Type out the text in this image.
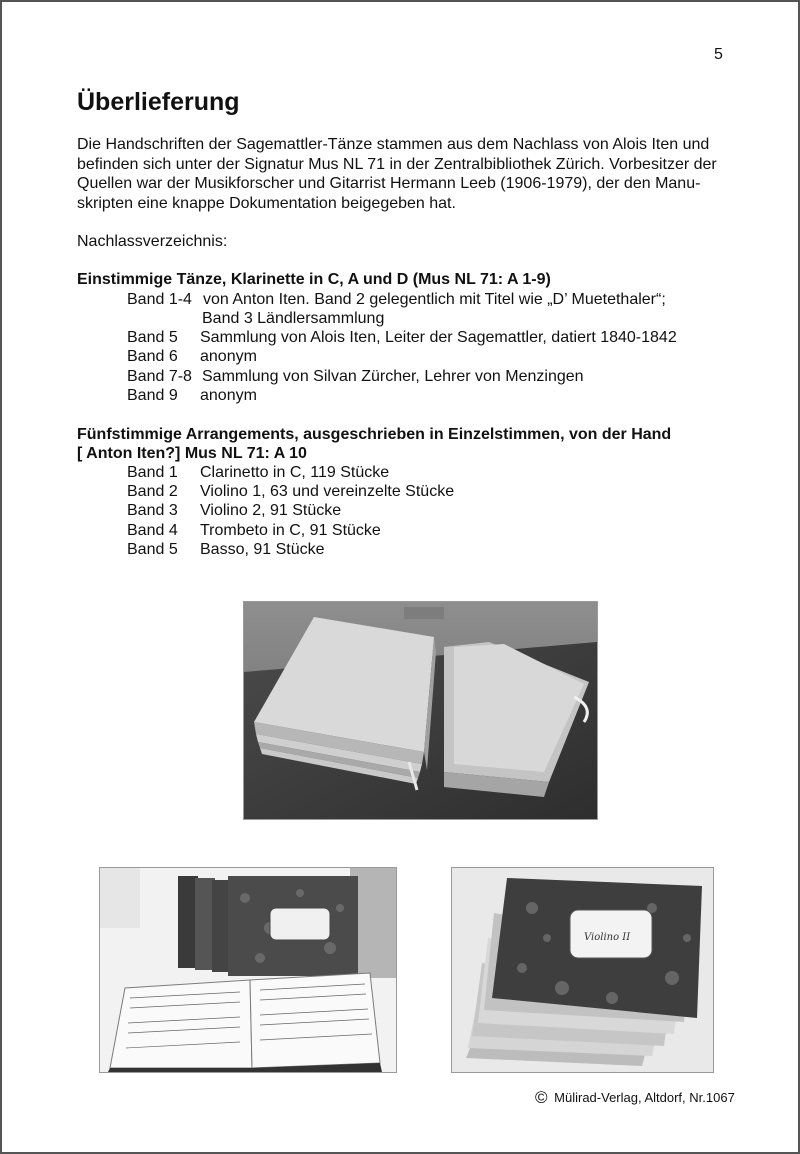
5
Überlieferung

Die Handschriften der Sagemattler-Tänze stammen aus dem Nachlass von Alois Iten und
befinden sich unter der Signatur Mus NL 71 in der Zentralbibliothek Zürich. Vorbesitzer der
Quellen war der Musikforscher und Gitarrist Hermann Leeb (1906-1979), der den Manu-
skripten eine knappe Dokumentation beigegeben hat.

Nachlassverzeichnis:
Einstimmige Tänze, Klarinette in C, A und D (Mus NL 71: A 1-9)
Band 1-4 von Anton Iten. Band 2 gelegentlich mit Titel wie „D’ Muetethaler“;
Band 3 Ländlersammlung
Band 5 Sammlung von Alois Iten, Leiter der Sagemattler, datiert 1840-1842
Band 6 anonym
Band 7-8 Sammlung von Silvan Zürcher, Lehrer von Menzingen
Band 9 anonym
Fünfstimmige Arrangements, ausgeschrieben in Einzelstimmen, von der Hand
[ Anton Iten?] Mus NL 71: A 10
Band 1 Clarinetto in C, 119 Stücke
Band 2 Violino 1, 63 und vereinzelte Stücke
Band 3 Violino 2, 91 Stücke
Band 4 Trombeto in C, 91 Stücke
Band 5 Basso, 91 Stücke
Violino II
© Mülirad-Verlag, Altdorf, Nr.1067
